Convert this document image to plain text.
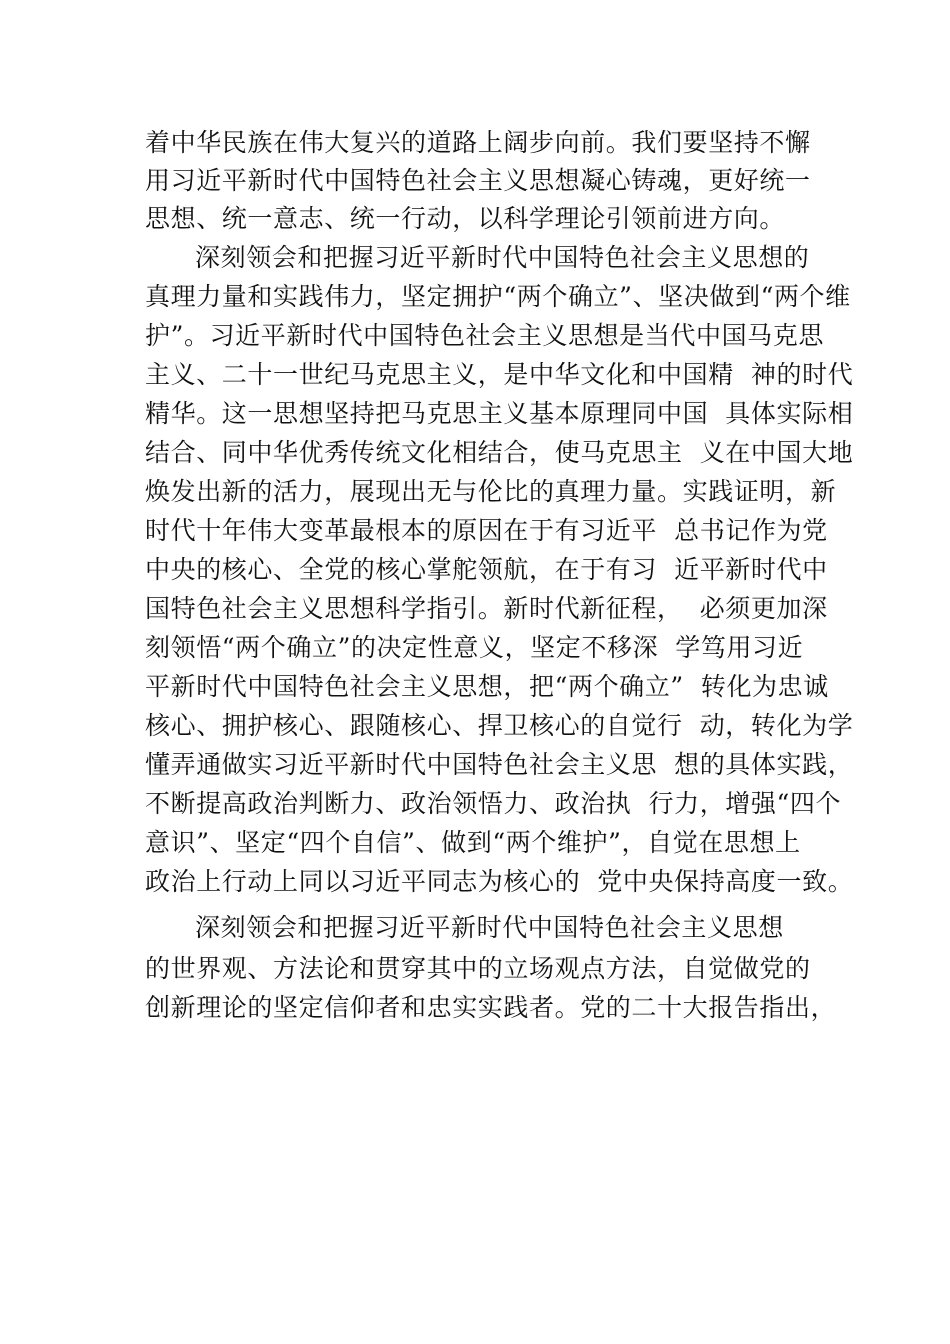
着中华民族在伟大复兴的道路上阔步向前。我们要坚持不懈
用习近平新时代中国特色社会主义思想凝心铸魂，更好统一
思想、统一意志、统一行动，以科学理论引领前进方向。
深刻领会和把握习近平新时代中国特色社会主义思想的
真理力量和实践伟力，坚定拥护“两个确立”、坚决做到“两个维
护”。习近平新时代中国特色社会主义思想是当代中国马克思
主义、二十一世纪马克思主义，是中华文化和中国精  神的时代
精华。这一思想坚持把马克思主义基本原理同中国  具体实际相
结合、同中华优秀传统文化相结合，使马克思主  义在中国大地
焕发出新的活力，展现出无与伦比的真理力量。实践证明，新
时代十年伟大变革最根本的原因在于有习近平  总书记作为党
中央的核心、全党的核心掌舵领航，在于有习  近平新时代中
国特色社会主义思想科学指引。新时代新征程，  必须更加深
刻领悟“两个确立”的决定性意义，坚定不移深  学笃用习近
平新时代中国特色社会主义思想，把“两个确立”  转化为忠诚
核心、拥护核心、跟随核心、捍卫核心的自觉行  动，转化为学
懂弄通做实习近平新时代中国特色社会主义思  想的具体实践，
不断提高政治判断力、政治领悟力、政治执  行力，增强“四个
意识”、坚定“四个自信”、做到“两个维护”，自觉在思想上
政治上行动上同以习近平同志为核心的  党中央保持高度一致。
深刻领会和把握习近平新时代中国特色社会主义思想
的世界观、方法论和贯穿其中的立场观点方法，自觉做党的
创新理论的坚定信仰者和忠实实践者。党的二十大报告指出，
